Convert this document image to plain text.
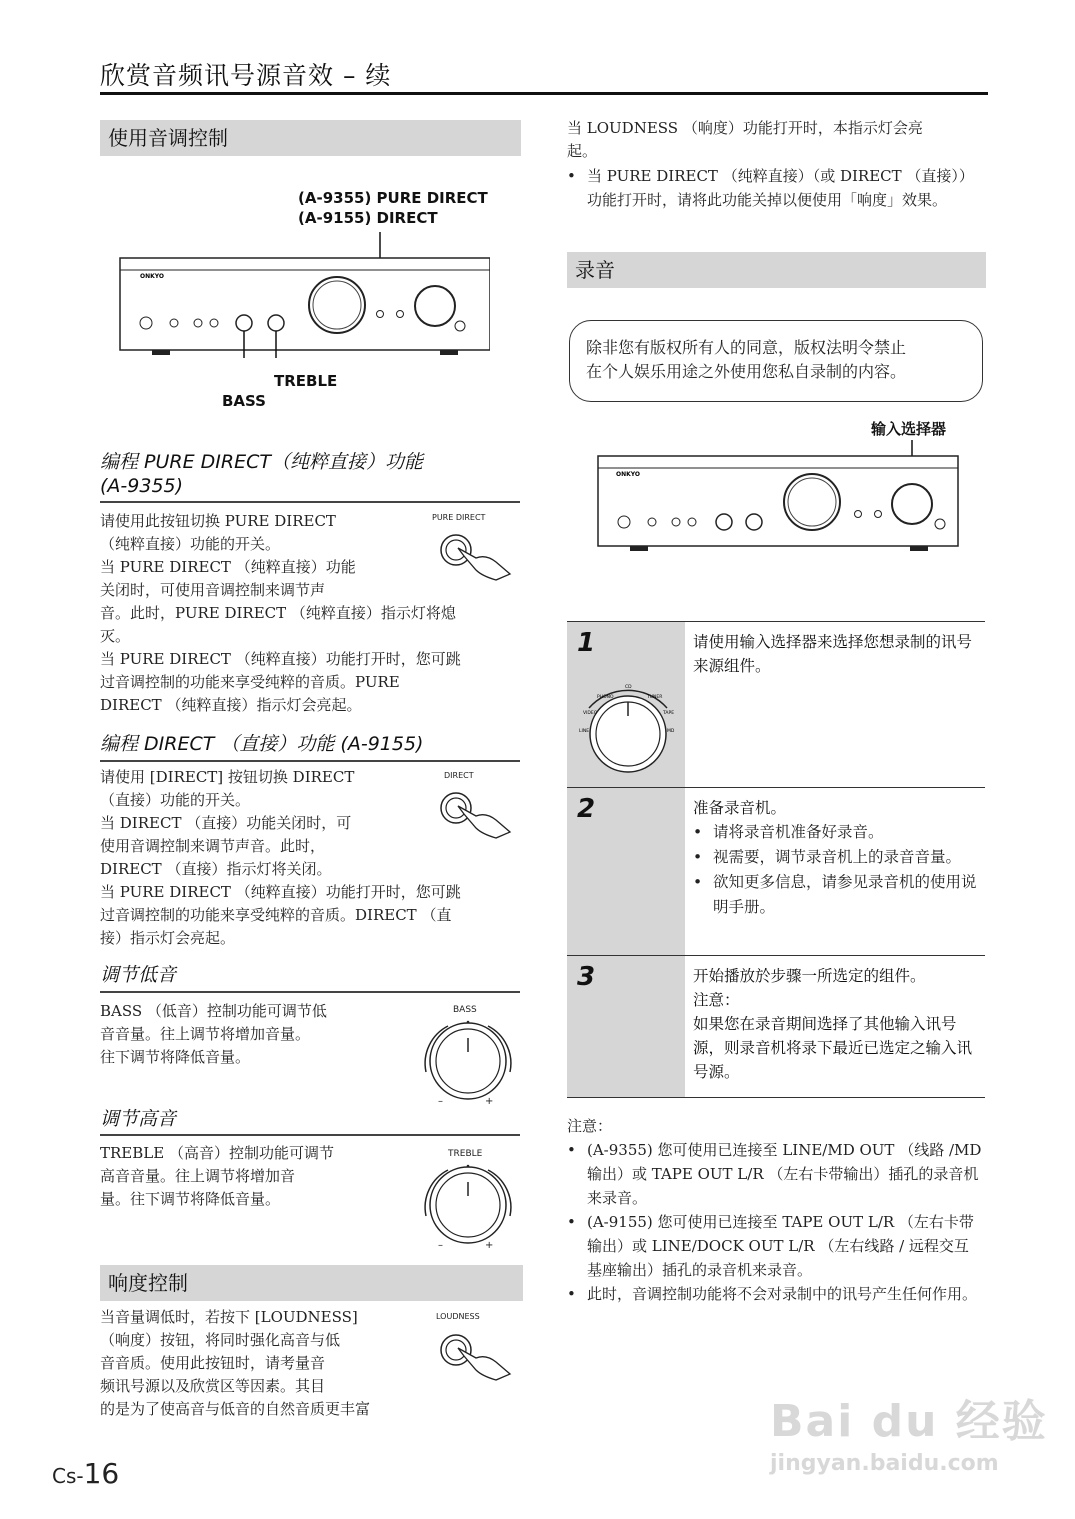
欣赏音频讯号源音效 – 续
使用音调控制
(A-9355) PURE DIRECT
(A-9155) DIRECT
ONKYO
TREBLE
BASS
编程 PURE DIRECT（纯粹直接）功能
(A-9355)
请使用此按钮切换 PURE DIRECT
（纯粹直接）功能的开关。
当 PURE DIRECT （纯粹直接）功能
关闭时，可使用音调控制来调节声
音。此时，PURE DIRECT （纯粹直接）指示灯将熄
灭。
当 PURE DIRECT （纯粹直接）功能打开时，您可跳
过音调控制的功能来享受纯粹的音质。PURE
DIRECT （纯粹直接）指示灯会亮起。
PURE DIRECT
编程 DIRECT （直接）功能 (A-9155)
请使用 [DIRECT] 按钮切换 DIRECT
（直接）功能的开关。
当 DIRECT （直接）功能关闭时，可
使用音调控制来调节声音。此时，
DIRECT （直接）指示灯将关闭。
当 PURE DIRECT （纯粹直接）功能打开时，您可跳
过音调控制的功能来享受纯粹的音质。DIRECT （直
接）指示灯会亮起。
DIRECT
调节低音
BASS （低音）控制功能可调节低
音音量。往上调节将增加音量。
往下调节将降低音量。
BASS
–	+
调节高音
TREBLE （高音）控制功能可调节
高音音量。往上调节将增加音
量。往下调节将降低音量。
TREBLE
–	+
响度控制
当音量调低时，若按下 [LOUDNESS]
（响度）按钮，将同时强化高音与低
音音质。使用此按钮时，请考量音
频讯号源以及欣赏区等因素。其目
的是为了使高音与低音的自然音质更丰富
LOUDNESS
当 LOUDNESS （响度）功能打开时，本指示灯会亮
起。
• 当 PURE DIRECT （纯粹直接）（或 DIRECT （直接））功能打开时，请将此功能关掉以便使用「响度」效果。
录音
除非您有版权所有人的同意，版权法明令禁止
在个人娱乐用途之外使用您私自录制的内容。
输入选择器
ONKYO
1
PHONO
CD
TUNER
VIDEO	TAPE
LINE	MD
请使用输入选择器来选择您想录制的讯号来源组件。
2	准备录音机。
• 请将录音机准备好录音。
• 视需要，调节录音机上的录音音量。
• 欲知更多信息，请参见录音机的使用说明手册。
3	开始播放於步骤一所选定的组件。
注意：
如果您在录音期间选择了其他输入讯号源，则录音机将录下最近已选定之输入讯号源。
注意：
• (A-9355) 您可使用已连接至 LINE/MD OUT （线路 /MD 输出）或 TAPE OUT L/R （左右卡带输出）插孔的录音机来录音。
• (A-9155) 您可使用已连接至 TAPE OUT L/R （左右卡带输出）或 LINE/DOCK OUT L/R （左右线路 / 远程交互基座输出）插孔的录音机来录音。
• 此时，音调控制功能将不会对录制中的讯号产生任何作用。
Cs-16
Bai du 经验
jingyan.baidu.com
